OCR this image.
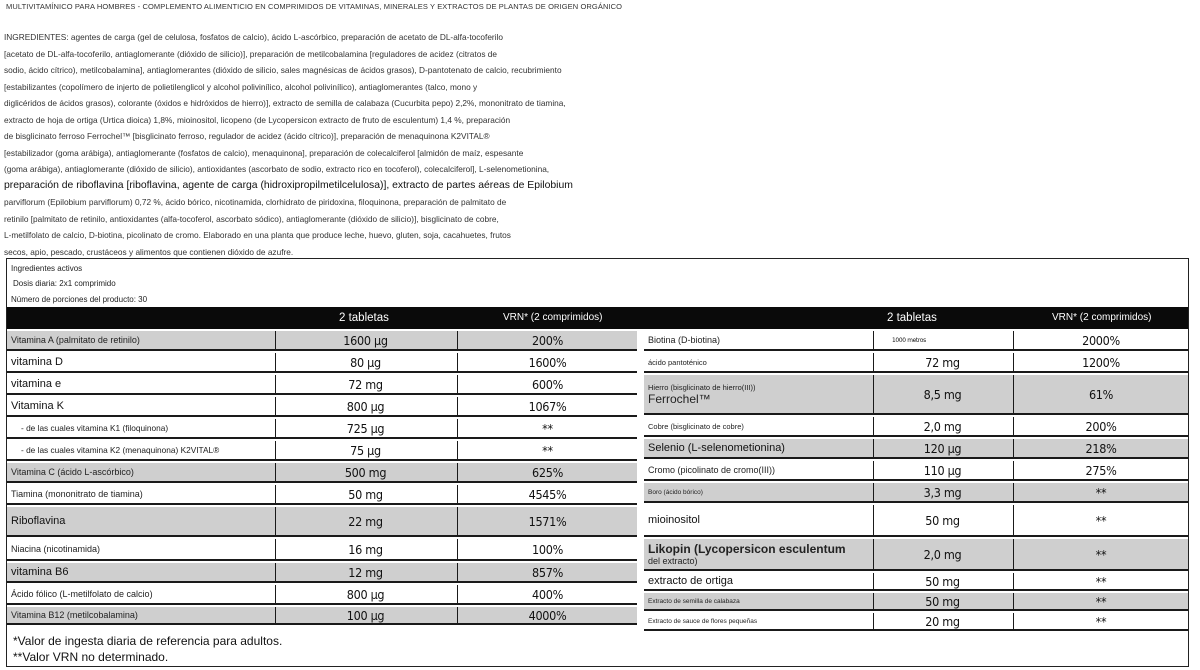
MULTIVITAMÍNICO PARA HOMBRES - COMPLEMENTO ALIMENTICIO EN COMPRIMIDOS DE VITAMINAS, MINERALES Y EXTRACTOS DE PLANTAS DE ORIGEN ORGÁNICO
INGREDIENTES: agentes de carga (gel de celulosa, fosfatos de calcio), ácido L-ascórbico, preparación de acetato de DL-alfa-tocoferilo
[acetato de DL-alfa-tocoferilo, antiaglomerante (dióxido de silicio)], preparación de metilcobalamina [reguladores de acidez (citratos de
sodio, ácido cítrico), metilcobalamina], antiaglomerantes (dióxido de silicio, sales magnésicas de ácidos grasos), D-pantotenato de calcio, recubrimiento
[estabilizantes (copolímero de injerto de polietilenglicol y alcohol polivinílico, alcohol polivinílico), antiaglomerantes (talco, mono y
diglicéridos de ácidos grasos), colorante (óxidos e hidróxidos de hierro)], extracto de semilla de calabaza (Cucurbita pepo) 2,2%, mononitrato de tiamina,
extracto de hoja de ortiga (Urtica dioica) 1,8%, mioinositol, licopeno (de Lycopersicon extracto de fruto de esculentum) 1,4 %, preparación
de bisglicinato ferroso Ferrochel™ [bisglicinato ferroso, regulador de acidez (ácido cítrico)], preparación de menaquinona K2VITAL®
[estabilizador (goma arábiga), antiaglomerante (fosfatos de calcio), menaquinona], preparación de colecalciferol [almidón de maíz, espesante
(goma arábiga), antiaglomerante (dióxido de silicio), antioxidantes (ascorbato de sodio, extracto rico en tocoferol), colecalciferol], L-selenometionina,
preparación de riboflavina [riboflavina, agente de carga (hidroxipropilmetilcelulosa)], extracto de partes aéreas de Epilobium
parviflorum (Epilobium parviflorum) 0,72 %, ácido bórico, nicotinamida, clorhidrato de piridoxina, filoquinona, preparación de palmitato de
retinilo [palmitato de retinilo, antioxidantes (alfa-tocoferol, ascorbato sódico), antiaglomerante (dióxido de silicio)], bisglicinato de cobre,
L-metilfolato de calcio, D-biotina, picolinato de cromo. Elaborado en una planta que produce leche, huevo, gluten, soja, cacahuetes, frutos
secos, apio, pescado, crustáceos y alimentos que contienen dióxido de azufre.
Ingredientes activos
Dosis diaria: 2x1 comprimido
Número de porciones del producto: 30
2 tabletas	VRN* (2 comprimidos)	2 tabletas	VRN* (2 comprimidos)
Vitamina A (palmitato de retinilo)	1600 µg	200%
vitamina D	80 µg	1600%
vitamina e	72 mg	600%
Vitamina K	800 µg	1067%
- de las cuales vitamina K1 (filoquinona)	725 µg	**
- de las cuales vitamina K2 (menaquinona) K2VITAL®	75 µg	**
Vitamina C (ácido L-ascórbico)	500 mg	625%
Tiamina (mononitrato de tiamina)	50 mg	4545%
Riboflavina	22 mg	1571%
Niacina (nicotinamida)	16 mg	100%
vitamina B6	12 mg	857%
Ácido fólico (L-metilfolato de calcio)	800 µg	400%
Vitamina B12 (metilcobalamina)	100 µg	4000%
Biotina (D-biotina)	1000 metros	2000%
ácido pantoténico	72 mg	1200%
Hierro (bisglicinato de hierro(III))
Ferrochel™	8,5 mg	61%
Cobre (bisglicinato de cobre)	2,0 mg	200%
Selenio (L-selenometionina)	120 µg	218%
Cromo (picolinato de cromo(III))	110 µg	275%
Boro (ácido bórico)	3,3 mg	**
mioinositol	50 mg	**
Likopin (Lycopersicon esculentum
del extracto)	2,0 mg	**
extracto de ortiga	50 mg	**
Extracto de semilla de calabaza	50 mg	**
Extracto de sauce de flores pequeñas	20 mg	**
*Valor de ingesta diaria de referencia para adultos.
**Valor VRN no determinado.
